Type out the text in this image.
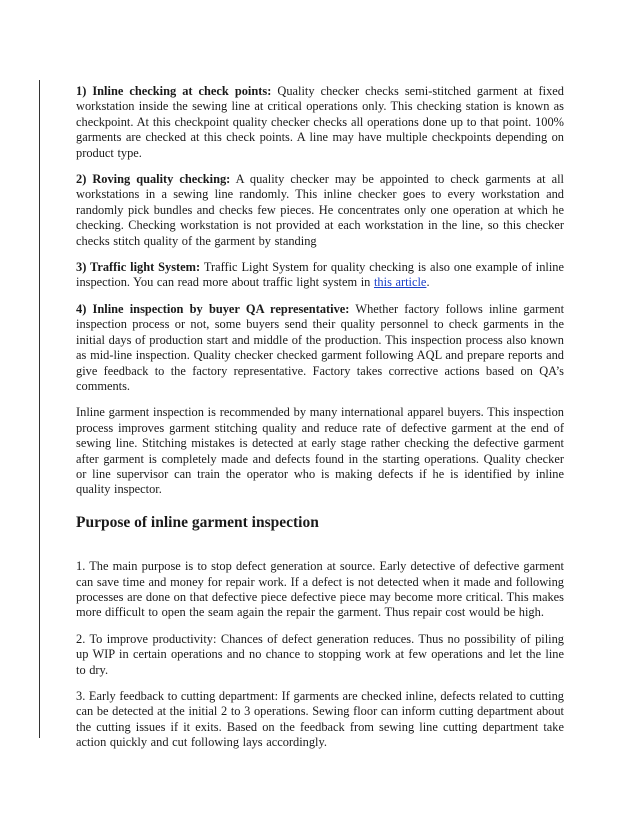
1) Inline checking at check points: Quality checker checks semi-stitched garment at fixed workstation inside the sewing line at critical operations only. This checking station is known as checkpoint. At this checkpoint quality checker checks all operations done up to that point. 100% garments are checked at this check points. A line may have multiple checkpoints depending on product type.

2) Roving quality checking: A quality checker may be appointed to check garments at all workstations in a sewing line randomly. This inline checker goes to every workstation and randomly pick bundles and checks few pieces. He concentrates only one operation at which he checking. Checking workstation is not provided at each workstation in the line, so this checker checks stitch quality of the garment by standing

3) Traffic light System: Traffic Light System for quality checking is also one example of inline inspection. You can read more about traffic light system in this article.

4) Inline inspection by buyer QA representative: Whether factory follows inline garment inspection process or not, some buyers send their quality personnel to check garments in the initial days of production start and middle of the production. This inspection process also known as mid-line inspection. Quality checker checked garment following AQL and prepare reports and give feedback to the factory representative. Factory takes corrective actions based on QA’s comments.

Inline garment inspection is recommended by many international apparel buyers. This inspection process improves garment stitching quality and reduce rate of defective garment at the end of sewing line. Stitching mistakes is detected at early stage rather checking the defective garment after garment is completely made and defects found in the starting operations. Quality checker or line supervisor can train the operator who is making defects if he is identified by inline quality inspector.

Purpose of inline garment inspection

1. The main purpose is to stop defect generation at source. Early detective of defective garment can save time and money for repair work. If a defect is not detected when it made and following processes are done on that defective piece defective piece may become more critical. This makes more difficult to open the seam again the repair the garment. Thus repair cost would be high.

2. To improve productivity: Chances of defect generation reduces. Thus no possibility of piling up WIP in certain operations and no chance to stopping work at few operations and let the line to dry.

3. Early feedback to cutting department: If garments are checked inline, defects related to cutting can be detected at the initial 2 to 3 operations. Sewing floor can inform cutting department about the cutting issues if it exits. Based on the feedback from sewing line cutting department take action quickly and cut following lays accordingly.
